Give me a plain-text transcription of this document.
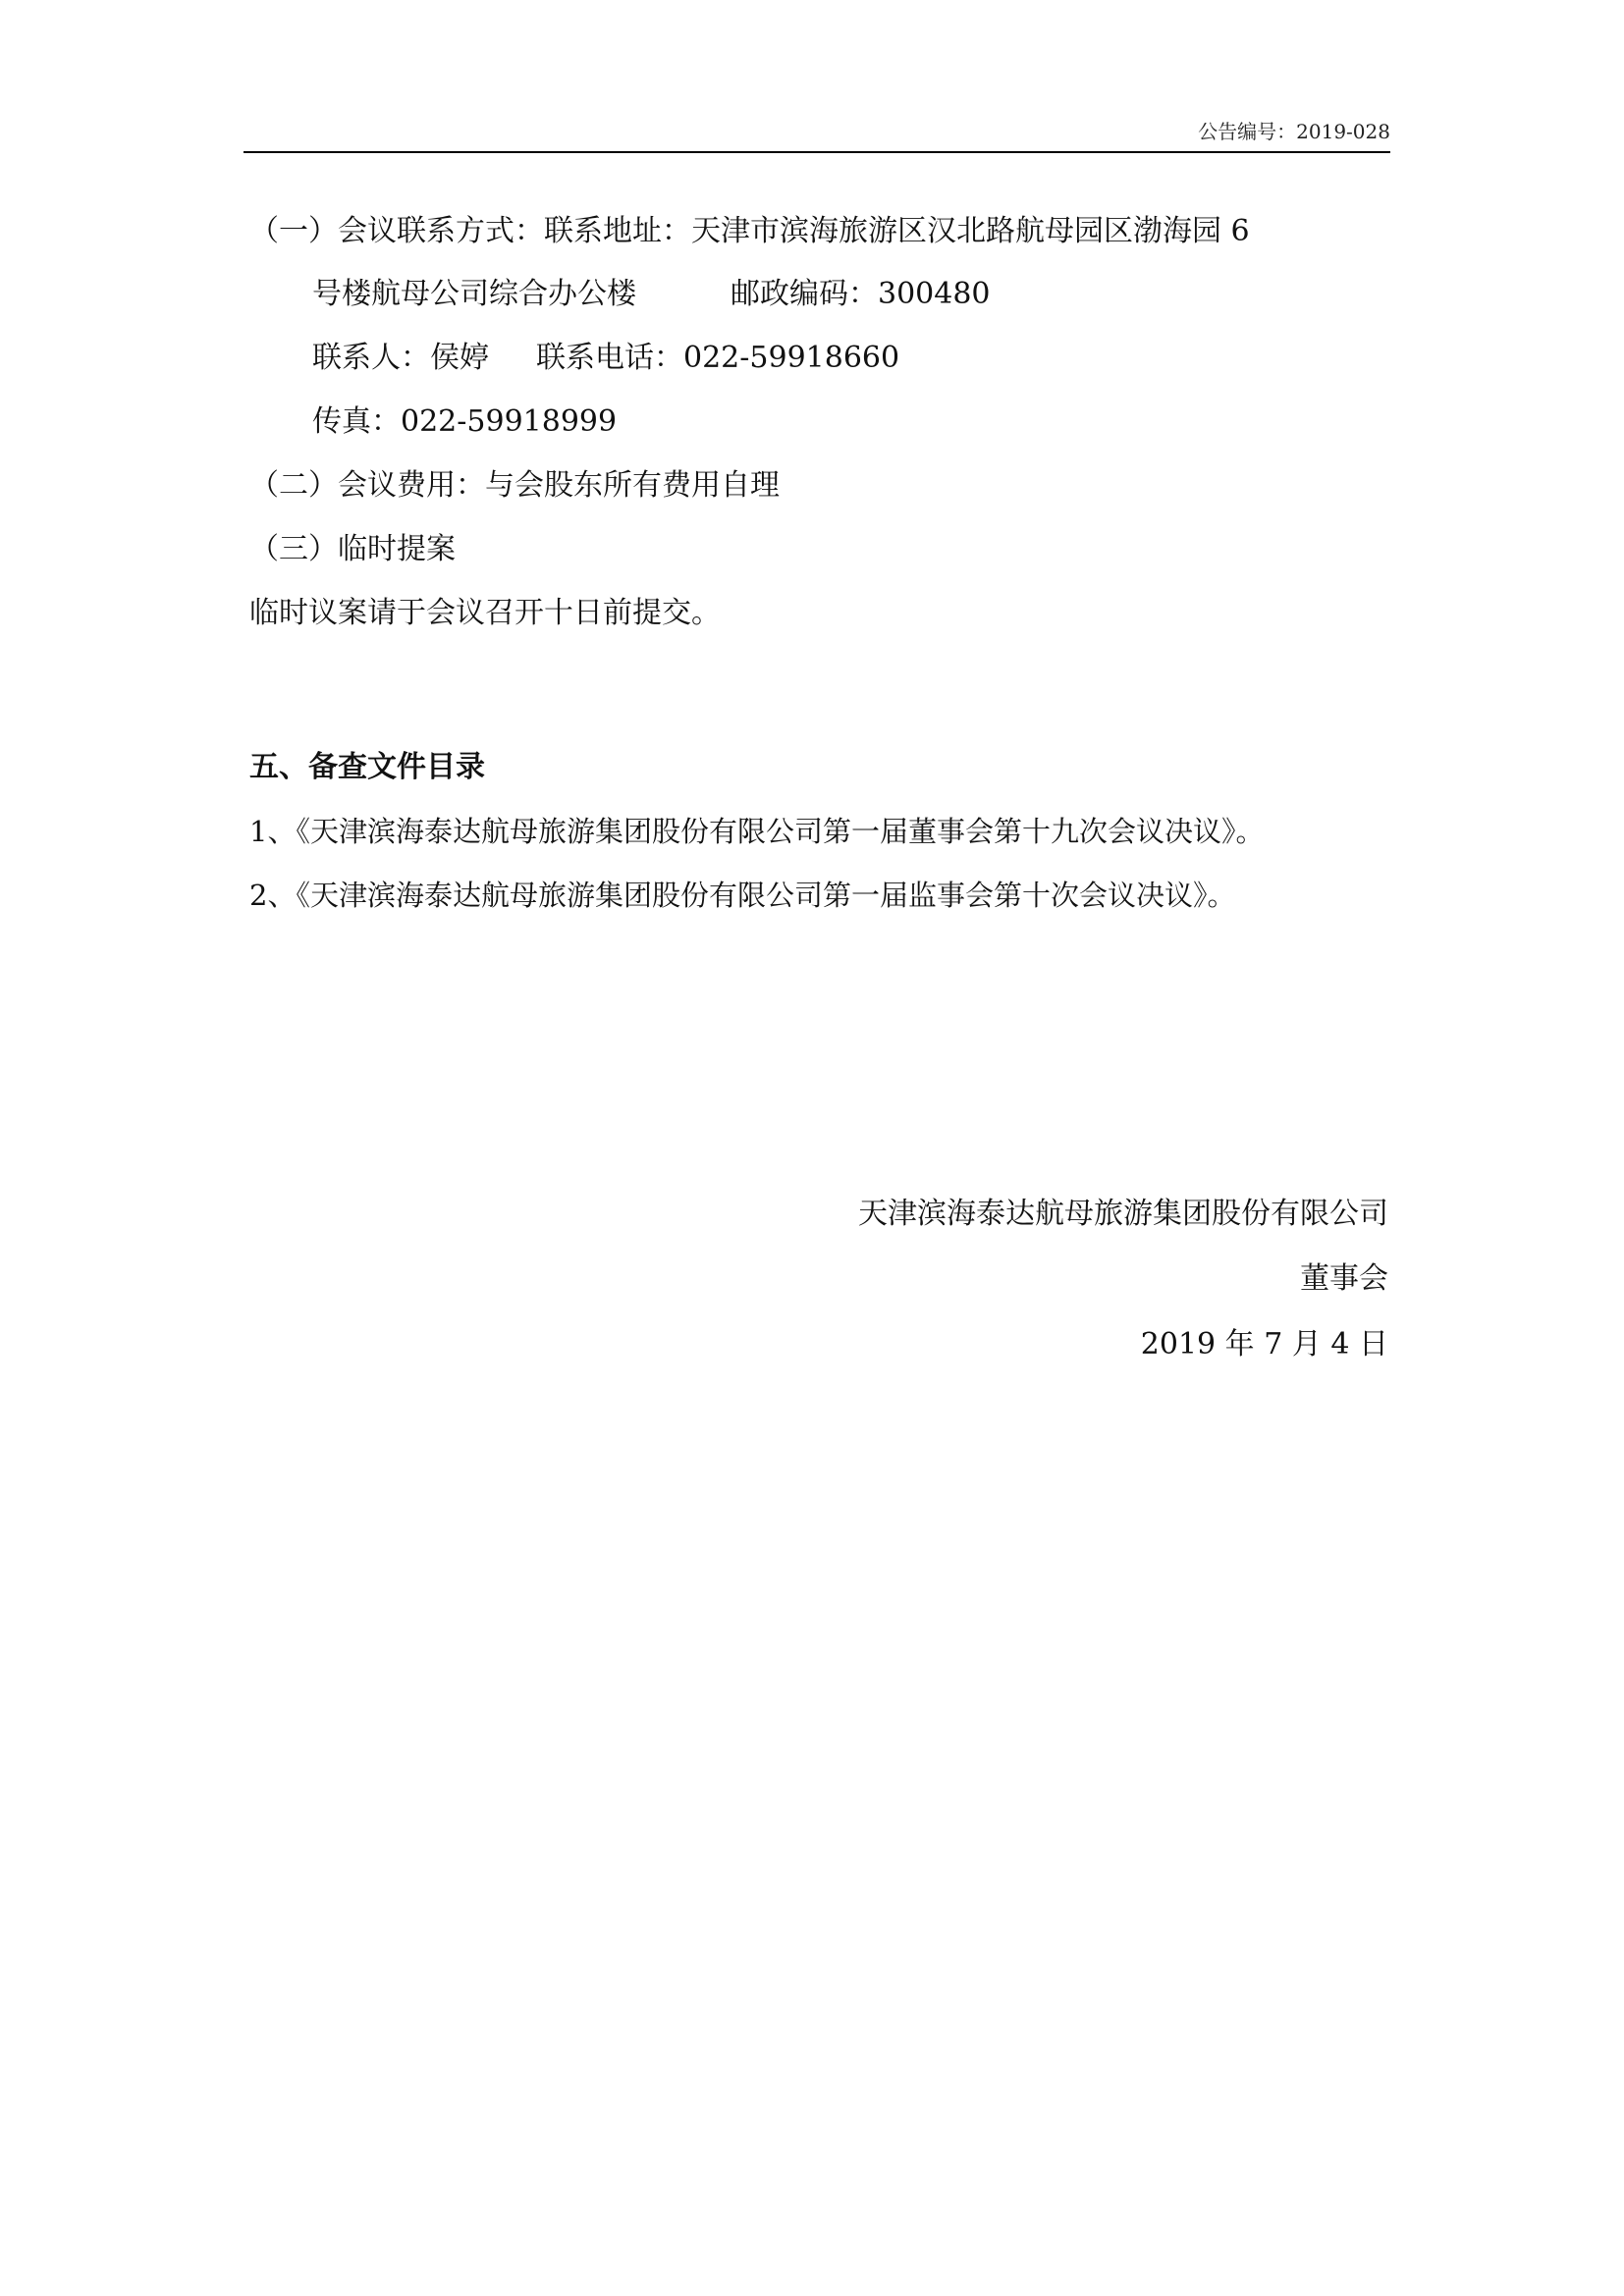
公告编号：2019-028
（一）会议联系方式：联系地址：天津市滨海旅游区汉北路航母园区渤海园 6
号楼航母公司综合办公楼	邮政编码：300480
联系人：侯婷 联系电话：022-59918660
传真：022-59918999
（二）会议费用：与会股东所有费用自理
（三）临时提案
临时议案请于会议召开十日前提交。
五、备查文件目录
1、《天津滨海泰达航母旅游集团股份有限公司第一届董事会第十九次会议决议》。
2、《天津滨海泰达航母旅游集团股份有限公司第一届监事会第十次会议决议》。
天津滨海泰达航母旅游集团股份有限公司
董事会
2019 年 7 月 4 日
